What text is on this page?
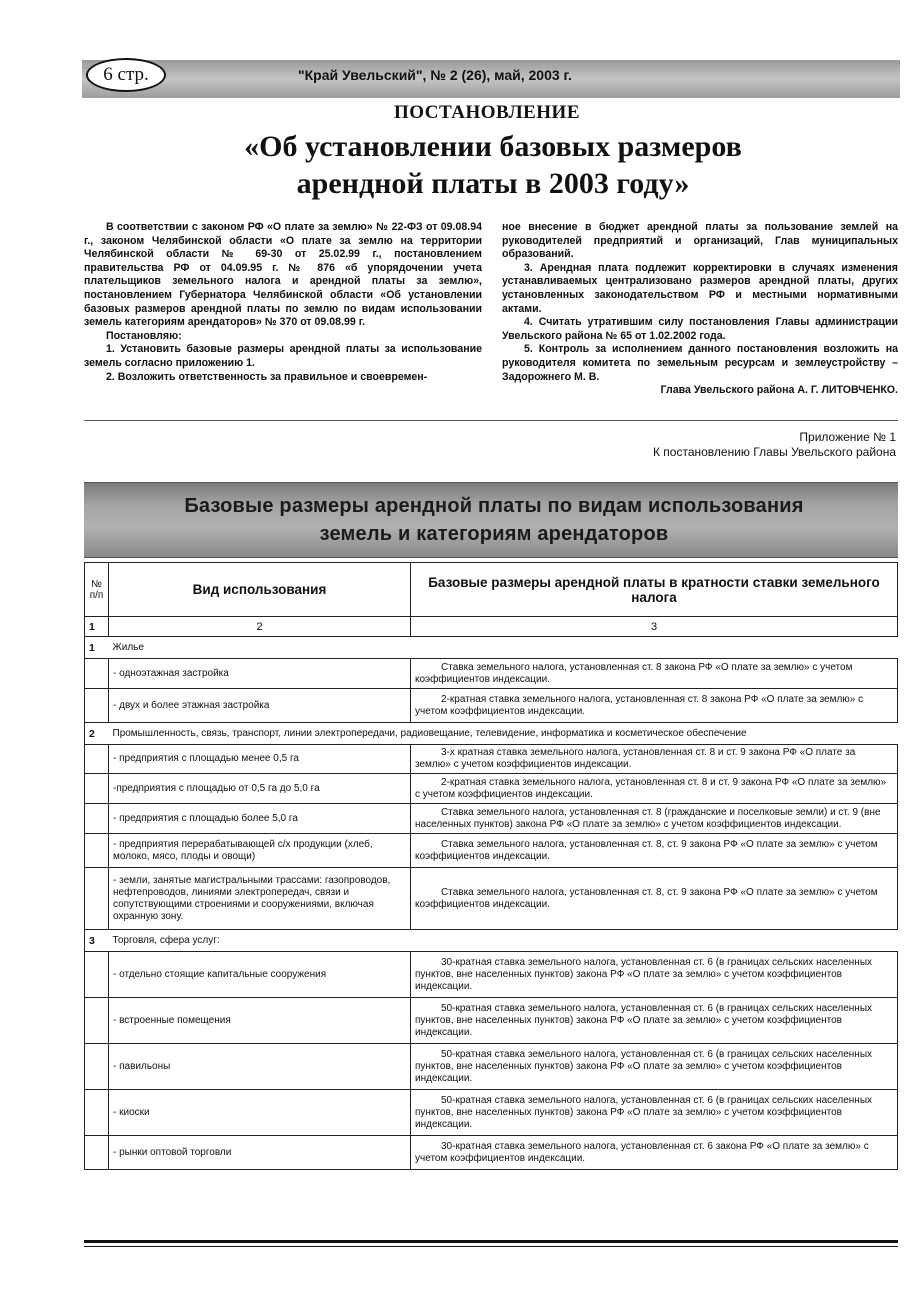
6 стр.	"Край Увельский", № 2 (26), май, 2003 г.
ПОСТАНОВЛЕНИЕ
«Об установлении базовых размеров
арендной платы в 2003 году»

В соответствии с законом РФ «О плате за землю» № 22-ФЗ от 09.08.94 г., законом Челябинской области «О плате за землю на территории Челябинской области № 69-30 от 25.02.99 г., постановлением правительства РФ от 04.09.95 г. № 876 «б упорядочении учета плательщиков земельного налога и арендной платы за землю», постановлением Губернатора Челябинской области «Об установлении базовых размеров арендной платы по землю по видам использовании земель категориям арендаторов» № 370 от 09.08.99 г.

Постановляю:

1. Установить базовые размеры арендной платы за использование земель согласно приложению 1.

2. Возложить ответственность за правильное и своевремен-

ное внесение в бюджет арендной платы за пользование землей на руководителей предприятий и организаций, Глав муниципальных образований.

3. Арендная плата подлежит корректировки в случаях изменения устанавливаемых централизовано размеров арендной платы, других установленных законодательством РФ и местными нормативными актами.

4. Считать утратившим силу постановления Главы администрации Увельского района № 65 от 1.02.2002 года.

5. Контроль за исполнением данного постановления возложить на руководителя комитета по земельным ресурсам и землеустройству – Задорожнего М. В.

Глава Увельского района А. Г. ЛИТОВЧЕНКО.

Приложение № 1
К постановлению Главы Увельского района
Базовые размеры арендной платы по видам использования
земель и категориям арендаторов
№ п/п	Вид использования	Базовые размеры арендной платы в кратности ставки земельного налога
1	2	3
1	Жилье	
	- одноэтажная застройка	Ставка земельного налога, установленная ст. 8 закона РФ «О плате за землю» с учетом коэффициентов индексации.
	- двух и более этажная застройка	2-кратная ставка земельного налога, установленная ст. 8 закона РФ «О плате за землю» с учетом коэффициентов индексации.
2	Промышленность, связь, транспорт, линии электропередачи, радиовещание, телевидение, информатика и косметическое обеспечение	
	- предприятия с площадью менее 0,5 га	3-х кратная ставка земельного налога, установленная ст. 8 и ст. 9 закона РФ «О плате за землю» с учетом коэффициентов индексации.
	-предприятия с площадью от 0,5 га до 5,0 га	2-кратная ставка земельного налога, установленная ст. 8 и ст. 9 закона РФ «О плате за землю» с учетом коэффициентов индексации.
	- предприятия с площадью более 5,0 га	Ставка земельного налога, установленная ст. 8 (гражданские и поселковые земли) и ст. 9 (вне населенных пунктов) закона РФ «О плате за землю» с учетом коэффициентов индексации.
	- предприятия перерабатывающей с/х продукции (хлеб, молоко, мясо, плоды и овощи)	Ставка земельного налога, установленная ст. 8, ст. 9 закона РФ «О плате за землю» с учетом коэффициентов индексации.
	- земли, занятые магистральными трассами: газопроводов, нефтепроводов, линиями электропередач, связи и сопутствующими строениями и сооружениями, включая охранную зону.	Ставка земельного налога, установленная ст. 8, ст. 9 закона РФ «О плате за землю» с учетом коэффициентов индексации.
3	Торговля, сфера услуг:	
	- отдельно стоящие капитальные сооружения	30-кратная ставка земельного налога, установленная ст. 6 (в границах сельских населенных пунктов, вне населенных пунктов) закона РФ «О плате за землю» с учетом коэффициентов индексации.
	- встроенные помещения	50-кратная ставка земельного налога, установленная ст. 6 (в границах сельских населенных пунктов, вне населенных пунктов) закона РФ «О плате за землю» с учетом коэффициентов индексации.
	- павильоны	50-кратная ставка земельного налога, установленная ст. 6 (в границах сельских населенных пунктов, вне населенных пунктов) закона РФ «О плате за землю» с учетом коэффициентов индексации.
	- киоски	50-кратная ставка земельного налога, установленная ст. 6 (в границах сельских населенных пунктов, вне населенных пунктов) закона РФ «О плате за землю» с учетом коэффициентов индексации.
	- рынки оптовой торговли	30-кратная ставка земельного налога, установленная ст. 6 закона РФ «О плате за землю» с учетом коэффициентов индексации.
